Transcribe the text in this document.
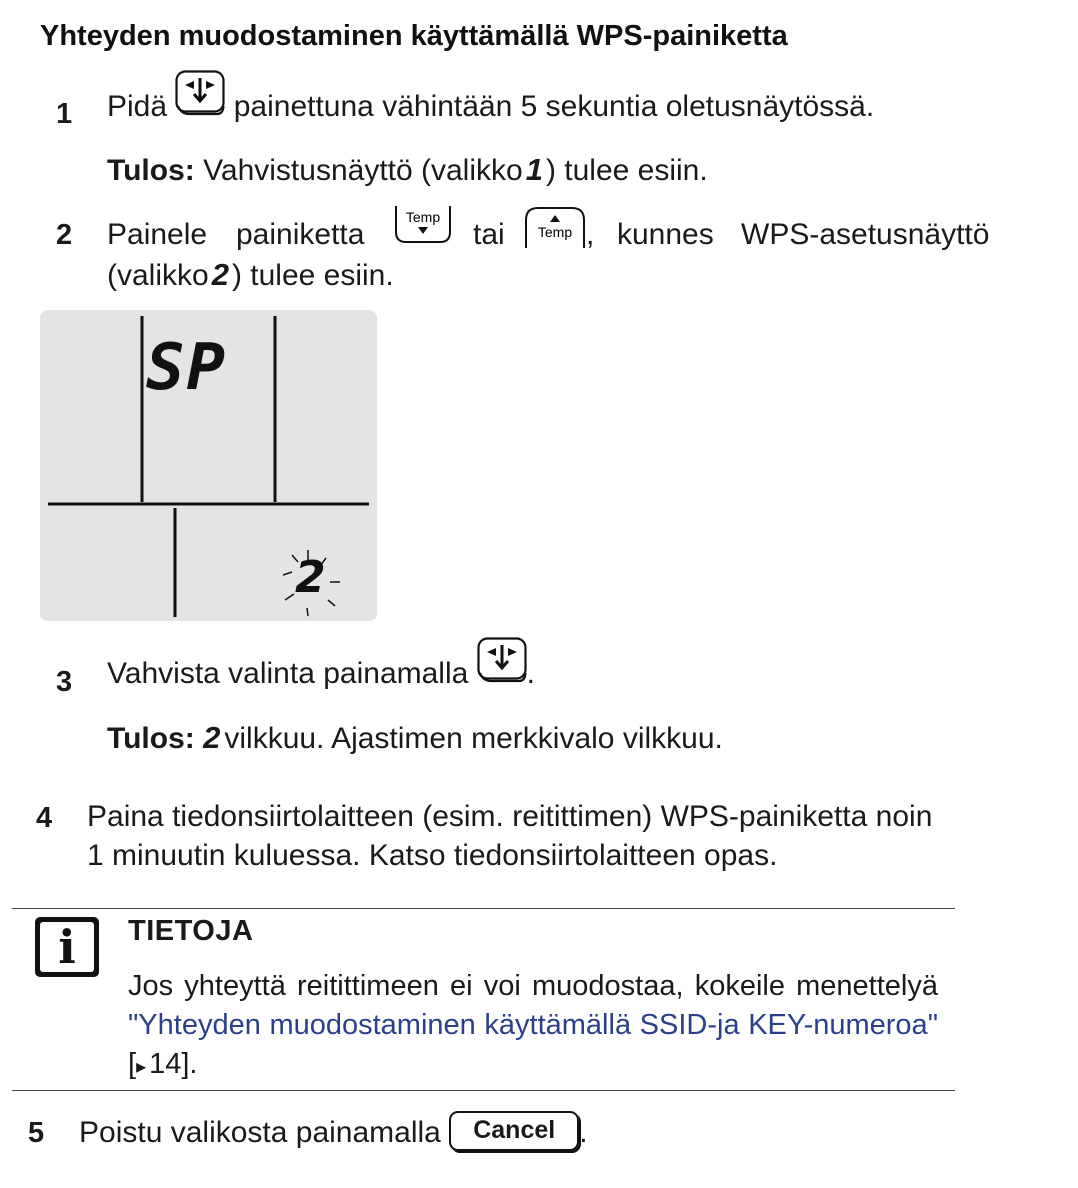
Yhteyden muodostaminen käyttämällä WPS-painiketta
1 Pidä painettuna vähintään 5 sekuntia oletusnäytössä.
Tulos: Vahvistusnäyttö (valikko1 ) tulee esiin.
2 Painele painiketta
Temp
tai Temp , kunnes WPS-asetusnäyttö
(valikko2 ) tulee esiin.
SP
2
3 Vahvista valinta painamalla .
Tulos: 2 vilkkuu. Ajastimen merkkivalo vilkkuu.
4 Paina tiedonsiirtolaitteen (esim. reitittimen) WPS-painiketta noin
1 minuutin kuluessa. Katso tiedonsiirtolaitteen opas.
i	TIETOJA
Jos yhteyttä reitittimeen ei voi muodostaa, kokeile menettelyä "Yhteyden muodostaminen käyttämällä SSID-ja KEY-numeroa" [▸ 14].
5 Poistu valikosta painamalla Cancel .
